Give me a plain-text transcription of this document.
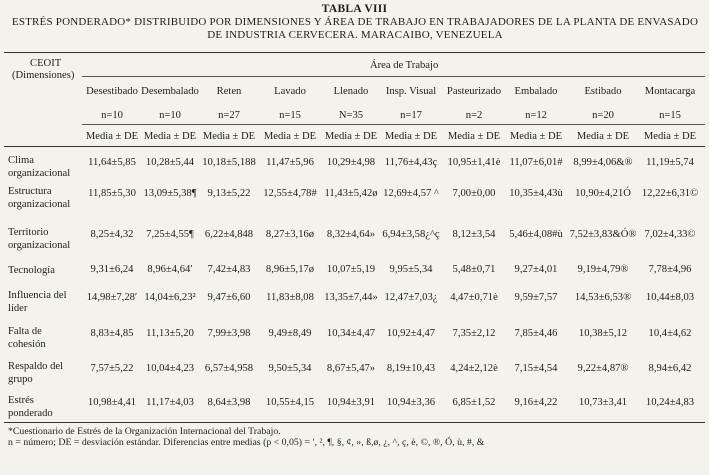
TABLA VIII
ESTRÉS PONDERADO* DISTRIBUIDO POR DIMENSIONES Y ÁREA DE TRABAJO EN TRABAJADORES DE LA PLANTA DE ENVASADO
DE INDUSTRIA CERVECERA. MARACAIBO, VENEZUELA
CEOIT
(Dimensiones)
Área de Trabajo
Desestibado Desembalado	Reten	Lavado	Llenado	Insp. Visual	Pasteurizado	Embalado	Estibado	Montacarga
n=10	n=10	n=27	n=15	N=35	n=17	n=2	n=12	n=20	n=15
Media ± DE Media ± DE Media ± DE Media ± DE Media ± DE Media ± DE	Media ± DE Media ± DE	Media ± DE	Media ± DE
Clima
organizacional
11,64±5,85 10,28±5,44 10,18±5,188 11,47±5,96	10,29±4,98 11,76±4,43ç 10,95±1,41è 11,07±6,01#	8,99±4,06&®	11,19±5,74
Estructura
organizacional
11,85±5,30 13,09±5,38¶	9,13±5,22	12,55±4,78# 11,43±5,42ø 12,69±4,57 ^	7,00±0,00	10,35±4,43ù	10,90±4,21Ó	12,22±6,31©
Territorio
organizacional
8,25±4,32	7,25±4,55¶	6,22±4,848	8,27±3,16ø	8,32±4,64» 6,94±3,58¿^ç	8,12±3,54	5,46±4,08#ù 7,52±3,83&Ó® 7,02±4,33©
Tecnología	9,31±6,24	8,96±4,64ʹ	7,42±4,83	8,96±5,17ø	10,07±5,19	9,95±5,34	5,48±0,71	9,27±4,01	9,19±4,79®	7,78±4,96
Influencia del
líder
14,98±7,28ʹ 14,04±6,23²	9,47±6,60	11,83±8,08 13,35±7,44» 12,47±7,03¿	4,47±0,71è	9,59±7,57	14,53±6,53®	10,44±8,03
Falta de
cohesión
8,83±4,85	11,13±5,20	7,99±3,98	9,49±8,49	10,34±4,47	10,92±4,47	7,35±2,12	7,85±4,46	10,38±5,12	10,4±4,62
Respaldo del
grupo
7,57±5,22	10,04±4,23	6,57±4,958	9,50±5,34	8,67±5,47»	8,19±10,43	4,24±2,12è	7,15±4,54	9,22±4,87®	8,94±6,42
Estrés
ponderado
10,98±4,41 11,17±4,03	8,64±3,98	10,55±4,15	10,94±3,91	10,94±3,36	6,85±1,52	9,16±4,22	10,73±3,41	10,24±4,83
*Cuestionario de Estrés de la Organización Internacional del Trabajo.
n = número; DE = desviación estándar. Diferencias entre medias (p < 0,05) = ʹ, ², ¶, §, ¢, », ß,ø, ¿, ^, ç, è, ©, ®, Ó, ù, #, &
